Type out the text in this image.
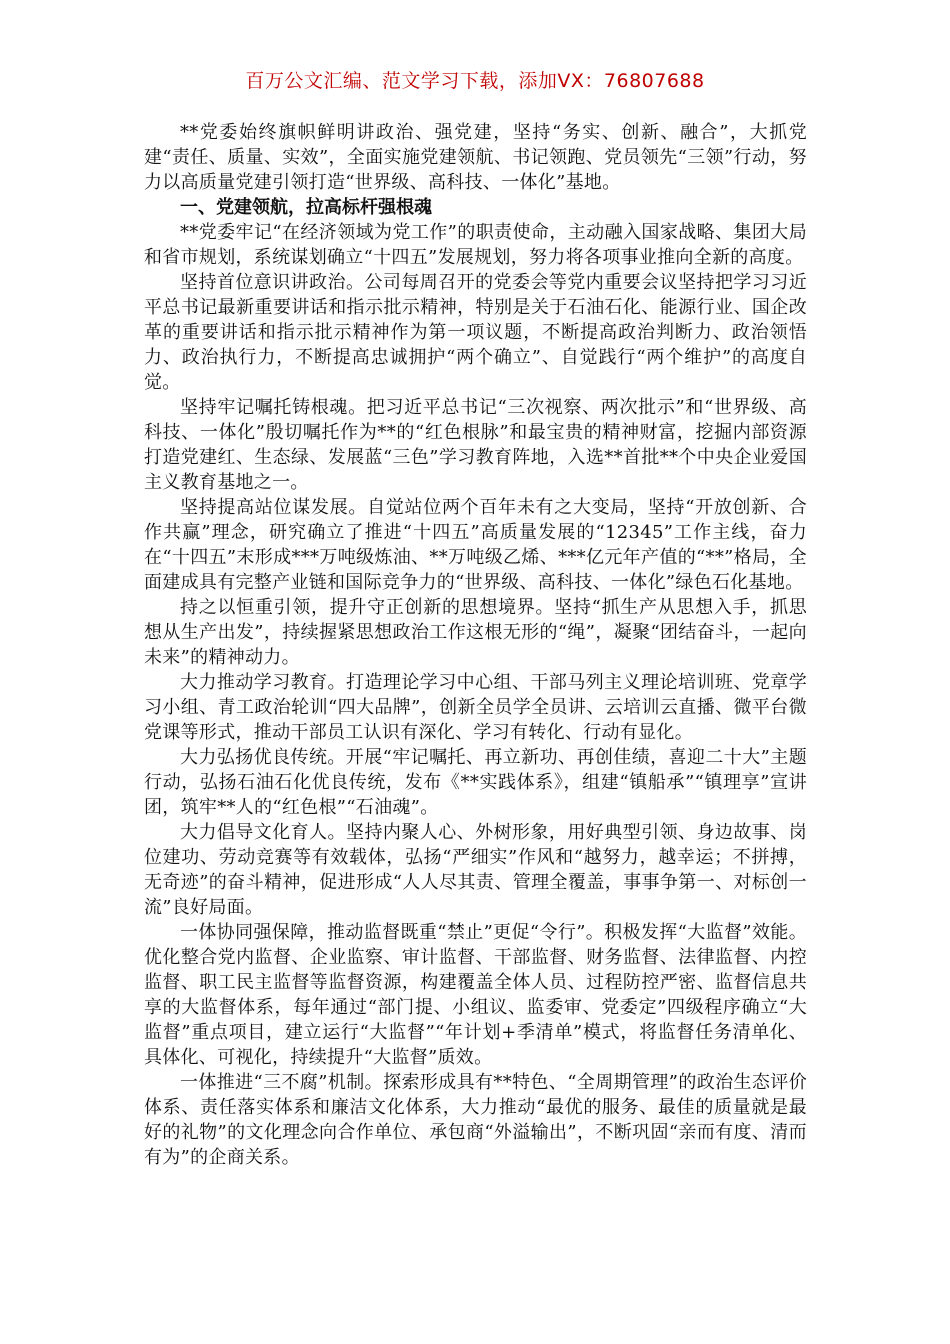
百万公文汇编、范文学习下载，添加VX：76807688

**党委始终旗帜鲜明讲政治、强党建，坚持“务实、创新、融合”，大抓党建“责任、质量、实效”，全面实施党建领航、书记领跑、党员领先“三领”行动，努力以高质量党建引领打造“世界级、高科技、一体化”基地。

一、党建领航，拉高标杆强根魂

**党委牢记“在经济领域为党工作”的职责使命，主动融入国家战略、集团大局和省市规划，系统谋划确立“十四五”发展规划，努力将各项事业推向全新的高度。

坚持首位意识讲政治。公司每周召开的党委会等党内重要会议坚持把学习习近平总书记最新重要讲话和指示批示精神，特别是关于石油石化、能源行业、国企改革的重要讲话和指示批示精神作为第一项议题，不断提高政治判断力、政治领悟力、政治执行力，不断提高忠诚拥护“两个确立”、自觉践行“两个维护”的高度自觉。

坚持牢记嘱托铸根魂。把习近平总书记“三次视察、两次批示”和“世界级、高科技、一体化”殷切嘱托作为**的“红色根脉”和最宝贵的精神财富，挖掘内部资源打造党建红、生态绿、发展蓝“三色”学习教育阵地，入选**首批**个中央企业爱国主义教育基地之一。

坚持提高站位谋发展。自觉站位两个百年未有之大变局，坚持“开放创新、合作共赢”理念，研究确立了推进“十四五”高质量发展的“12345”工作主线，奋力在“十四五”末形成***万吨级炼油、**万吨级乙烯、***亿元年产值的“**”格局，全面建成具有完整产业链和国际竞争力的“世界级、高科技、一体化”绿色石化基地。

持之以恒重引领，提升守正创新的思想境界。坚持“抓生产从思想入手，抓思想从生产出发”，持续握紧思想政治工作这根无形的“绳”，凝聚“团结奋斗，一起向未来”的精神动力。

大力推动学习教育。打造理论学习中心组、干部马列主义理论培训班、党章学习小组、青工政治轮训“四大品牌”，创新全员学全员讲、云培训云直播、微平台微党课等形式，推动干部员工认识有深化、学习有转化、行动有显化。

大力弘扬优良传统。开展“牢记嘱托、再立新功、再创佳绩，喜迎二十大”主题行动，弘扬石油石化优良传统，发布《**实践体系》，组建“镇船承”“镇理享”宣讲团，筑牢**人的“红色根”“石油魂”。

大力倡导文化育人。坚持内聚人心、外树形象，用好典型引领、身边故事、岗位建功、劳动竞赛等有效载体，弘扬“严细实”作风和“越努力，越幸运；不拼搏，无奇迹”的奋斗精神，促进形成“人人尽其责、管理全覆盖，事事争第一、对标创一流”良好局面。

一体协同强保障，推动监督既重“禁止”更促“令行”。积极发挥“大监督”效能。优化整合党内监督、企业监察、审计监督、干部监督、财务监督、法律监督、内控监督、职工民主监督等监督资源，构建覆盖全体人员、过程防控严密、监督信息共享的大监督体系，每年通过“部门提、小组议、监委审、党委定”四级程序确立“大监督”重点项目，建立运行“大监督”“年计划+季清单”模式，将监督任务清单化、具体化、可视化，持续提升“大监督”质效。

一体推进“三不腐”机制。探索形成具有**特色、“全周期管理”的政治生态评价体系、责任落实体系和廉洁文化体系，大力推动“最优的服务、最佳的质量就是最好的礼物”的文化理念向合作单位、承包商“外溢输出”，不断巩固“亲而有度、清而有为”的企商关系。
